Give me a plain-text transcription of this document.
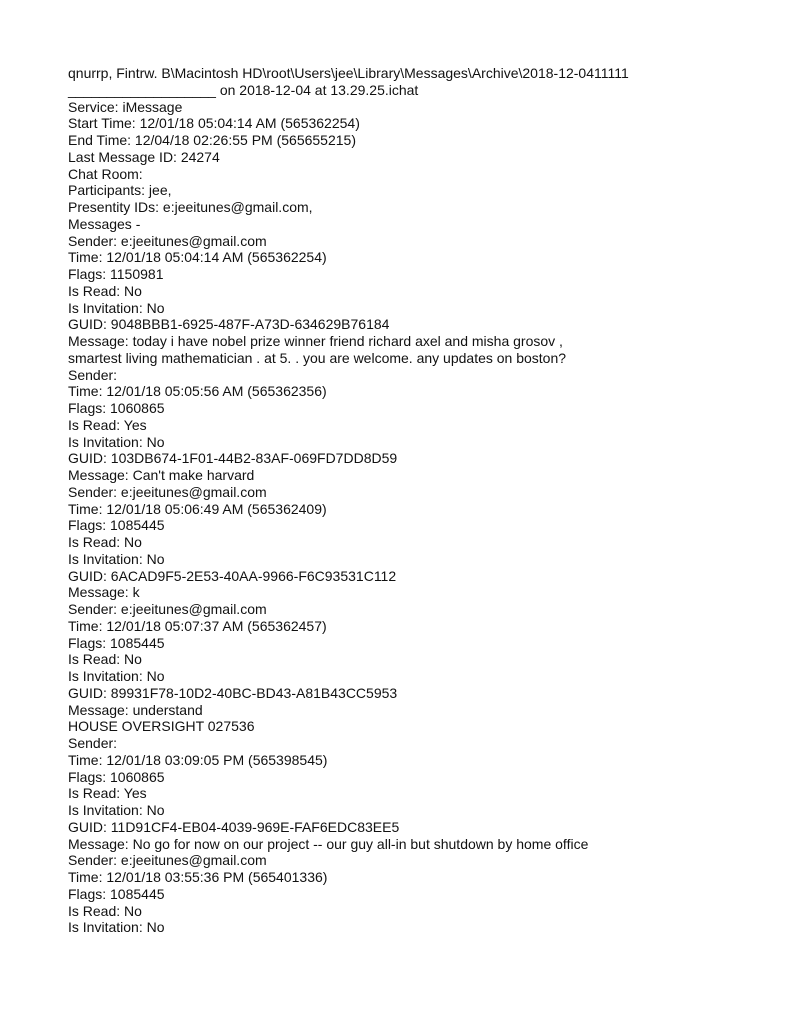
qnurrp, Fintrw. B\Macintosh HD\root\Users\jee\Library\Messages\Archive\2018-12-0411111
___________________ on 2018-12-04 at 13.29.25.ichat
Service: iMessage
Start Time: 12/01/18 05:04:14 AM (565362254)
End Time: 12/04/18 02:26:55 PM (565655215)
Last Message ID: 24274
Chat Room:
Participants: jee,
Presentity IDs: e:jeeitunes@gmail.com,
Messages -
Sender: e:jeeitunes@gmail.com
Time: 12/01/18 05:04:14 AM (565362254)
Flags: 1150981
Is Read: No
Is Invitation: No
GUID: 9048BBB1-6925-487F-A73D-634629B76184
Message: today i have nobel prize winner friend richard axel and misha grosov ,
smartest living mathematician . at 5. . you are welcome. any updates on boston?
Sender:
Time: 12/01/18 05:05:56 AM (565362356)
Flags: 1060865
Is Read: Yes
Is Invitation: No
GUID: 103DB674-1F01-44B2-83AF-069FD7DD8D59
Message: Can't make harvard
Sender: e:jeeitunes@gmail.com
Time: 12/01/18 05:06:49 AM (565362409)
Flags: 1085445
Is Read: No
Is Invitation: No
GUID: 6ACAD9F5-2E53-40AA-9966-F6C93531C112
Message: k
Sender: e:jeeitunes@gmail.com
Time: 12/01/18 05:07:37 AM (565362457)
Flags: 1085445
Is Read: No
Is Invitation: No
GUID: 89931F78-10D2-40BC-BD43-A81B43CC5953
Message: understand
HOUSE OVERSIGHT 027536
Sender:
Time: 12/01/18 03:09:05 PM (565398545)
Flags: 1060865
Is Read: Yes
Is Invitation: No
GUID: 11D91CF4-EB04-4039-969E-FAF6EDC83EE5
Message: No go for now on our project -- our guy all-in but shutdown by home office
Sender: e:jeeitunes@gmail.com
Time: 12/01/18 03:55:36 PM (565401336)
Flags: 1085445
Is Read: No
Is Invitation: No
